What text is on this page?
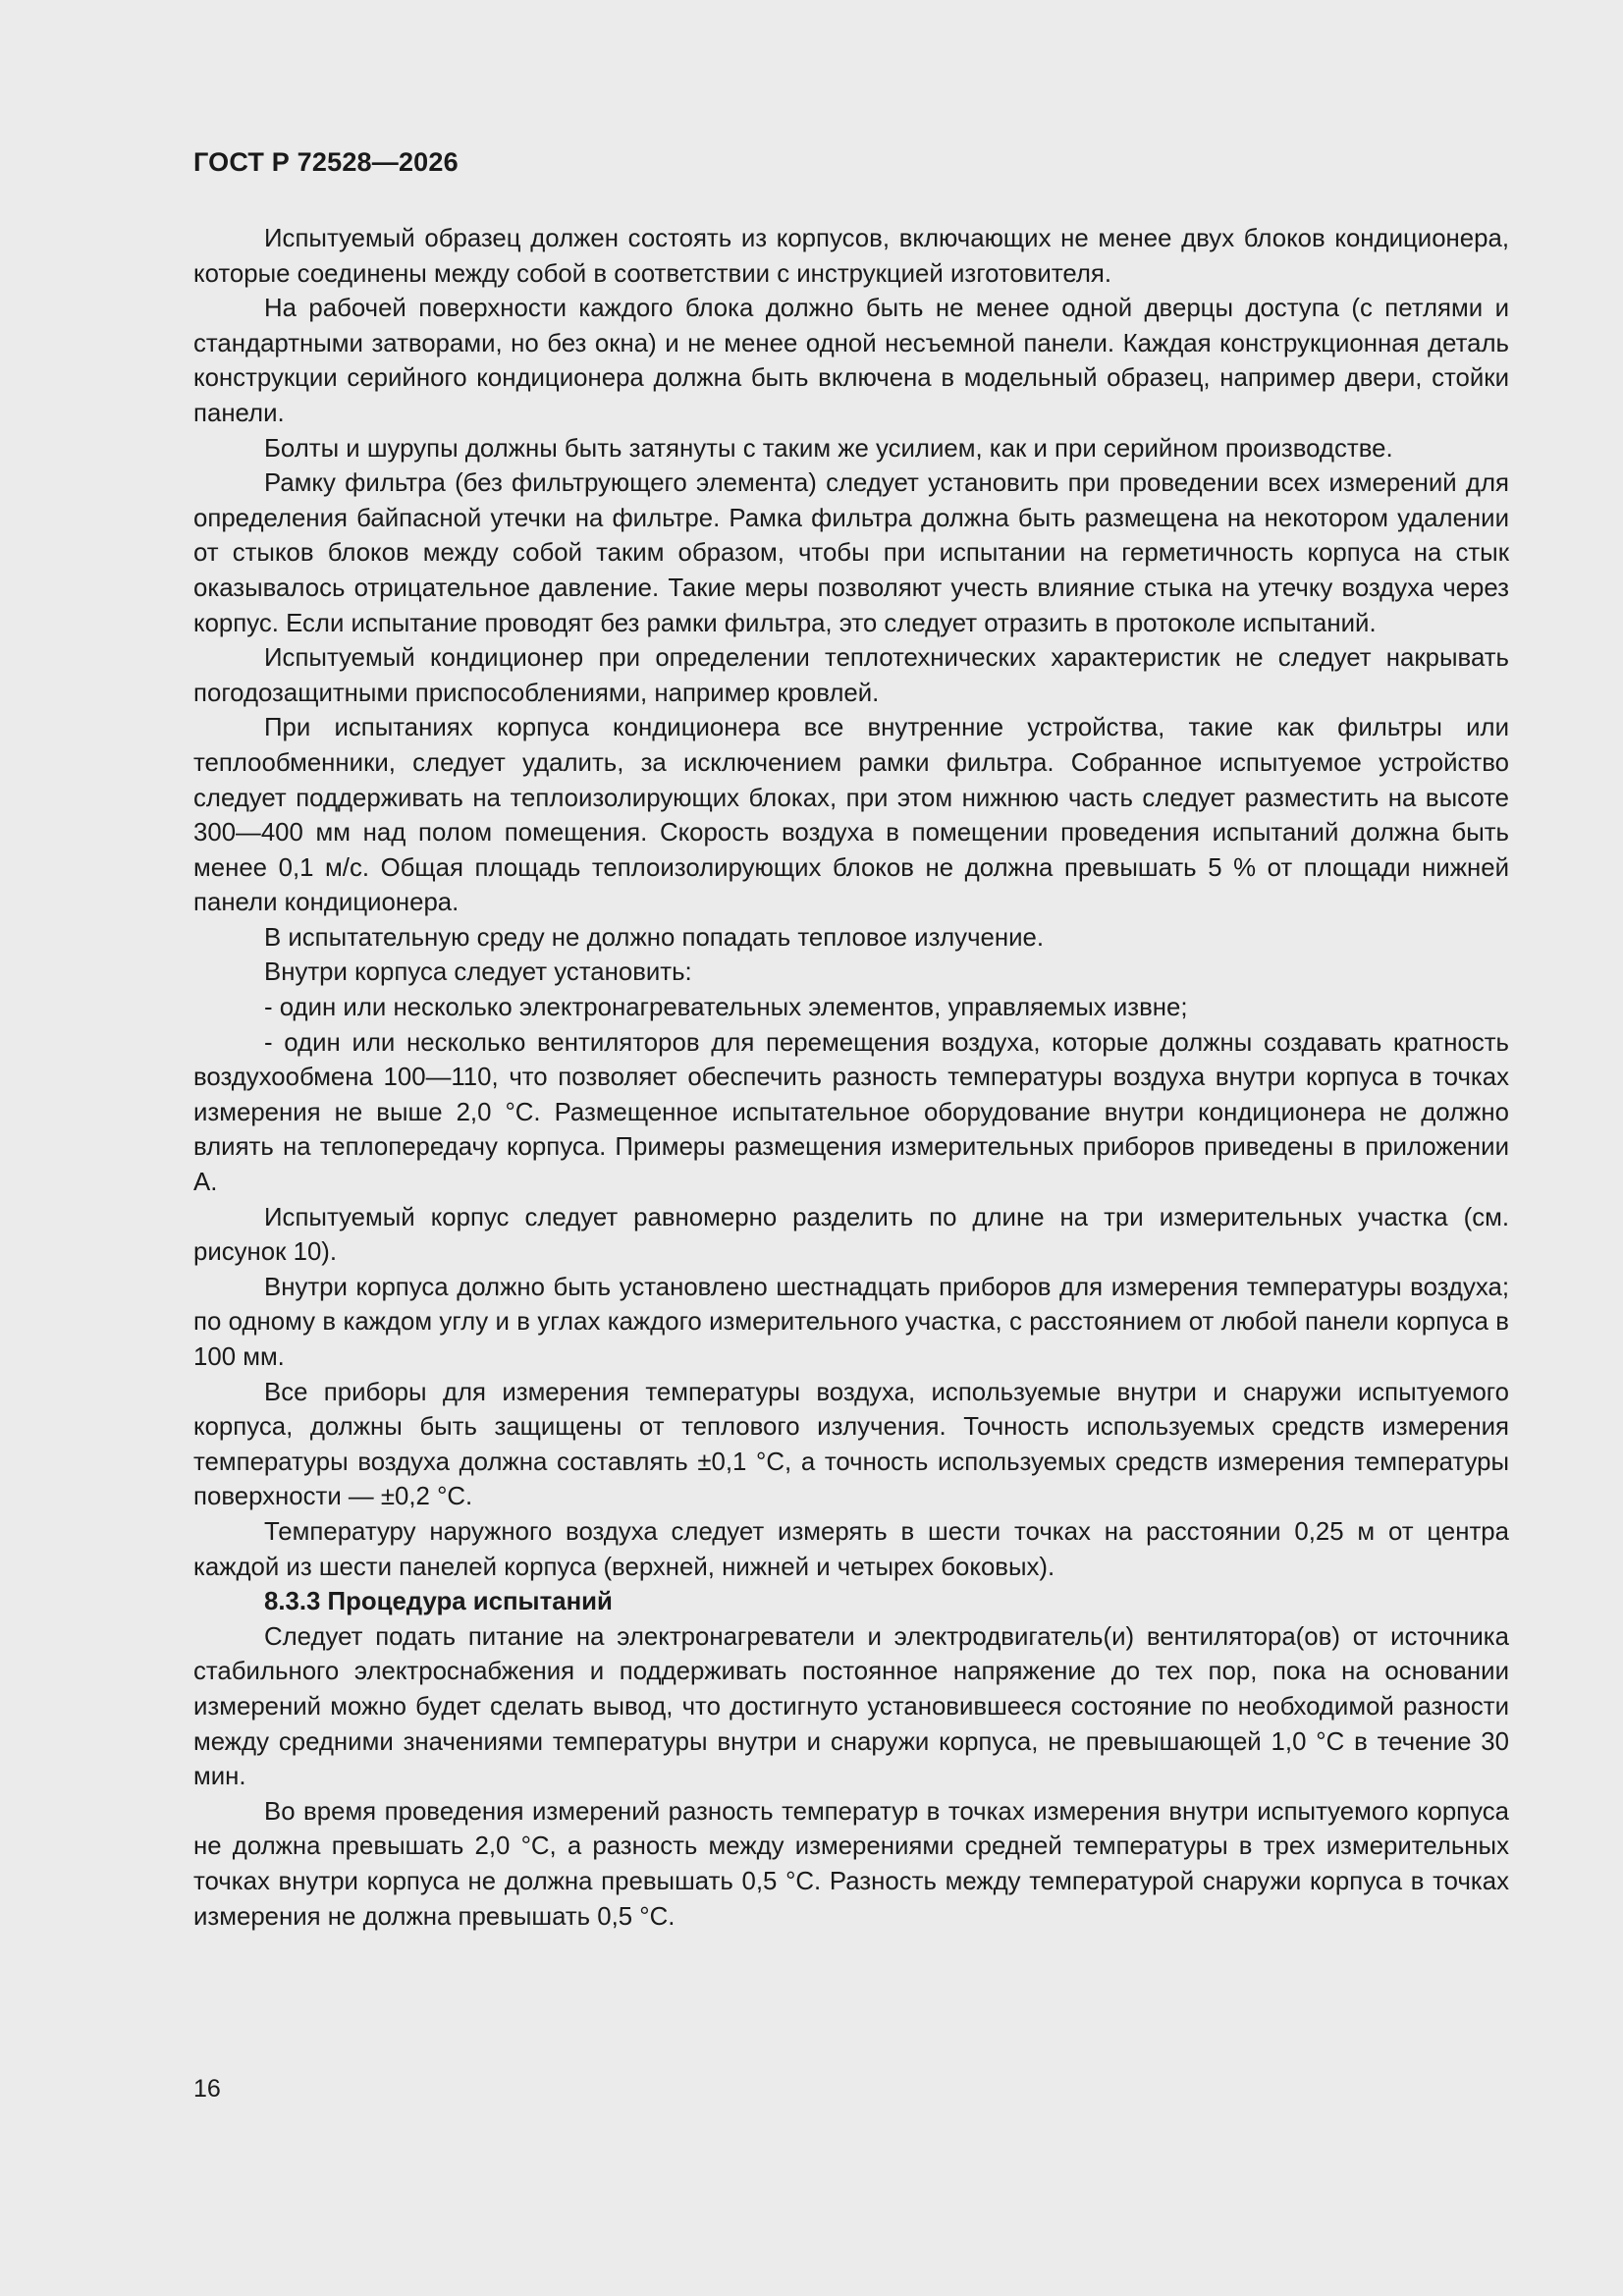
ГОСТ Р 72528—2026

Испытуемый образец должен состоять из корпусов, включающих не менее двух блоков кондиционера, которые соединены между собой в соответствии с инструкцией изготовителя.

На рабочей поверхности каждого блока должно быть не менее одной дверцы доступа (с петлями и стандартными затворами, но без окна) и не менее одной несъемной панели. Каждая конструкционная деталь конструкции серийного кондиционера должна быть включена в модельный образец, например двери, стойки панели.

Болты и шурупы должны быть затянуты с таким же усилием, как и при серийном производстве.

Рамку фильтра (без фильтрующего элемента) следует установить при проведении всех измерений для определения байпасной утечки на фильтре. Рамка фильтра должна быть размещена на некотором удалении от стыков блоков между собой таким образом, чтобы при испытании на герметичность корпуса на стык оказывалось отрицательное давление. Такие меры позволяют учесть влияние стыка на утечку воздуха через корпус. Если испытание проводят без рамки фильтра, это следует отразить в протоколе испытаний.

Испытуемый кондиционер при определении теплотехнических характеристик не следует накрывать погодозащитными приспособлениями, например кровлей.

При испытаниях корпуса кондиционера все внутренние устройства, такие как фильтры или теплообменники, следует удалить, за исключением рамки фильтра. Собранное испытуемое устройство следует поддерживать на теплоизолирующих блоках, при этом нижнюю часть следует разместить на высоте 300—400 мм над полом помещения. Скорость воздуха в помещении проведения испытаний должна быть менее 0,1 м/с. Общая площадь теплоизолирующих блоков не должна превышать 5 % от площади нижней панели кондиционера.

В испытательную среду не должно попадать тепловое излучение.

Внутри корпуса следует установить:

- один или несколько электронагревательных элементов, управляемых извне;

- один или несколько вентиляторов для перемещения воздуха, которые должны создавать кратность воздухообмена 100—110, что позволяет обеспечить разность температуры воздуха внутри корпуса в точках измерения не выше 2,0 °С. Размещенное испытательное оборудование внутри кондиционера не должно влиять на теплопередачу корпуса. Примеры размещения измерительных приборов приведены в приложении А.

Испытуемый корпус следует равномерно разделить по длине на три измерительных участка (см. рисунок 10).

Внутри корпуса должно быть установлено шестнадцать приборов для измерения температуры воздуха; по одному в каждом углу и в углах каждого измерительного участка, с расстоянием от любой панели корпуса в 100 мм.

Все приборы для измерения температуры воздуха, используемые внутри и снаружи испытуемого корпуса, должны быть защищены от теплового излучения. Точность используемых средств измерения температуры воздуха должна составлять ±0,1 °С, а точность используемых средств измерения температуры поверхности — ±0,2 °С.

Температуру наружного воздуха следует измерять в шести точках на расстоянии 0,25 м от центра каждой из шести панелей корпуса (верхней, нижней и четырех боковых).

8.3.3 Процедура испытаний

Следует подать питание на электронагреватели и электродвигатель(и) вентилятора(ов) от источника стабильного электроснабжения и поддерживать постоянное напряжение до тех пор, пока на основании измерений можно будет сделать вывод, что достигнуто установившееся состояние по необходимой разности между средними значениями температуры внутри и снаружи корпуса, не превышающей 1,0 °С в течение 30 мин.

Во время проведения измерений разность температур в точках измерения внутри испытуемого корпуса не должна превышать 2,0 °С, а разность между измерениями средней температуры в трех измерительных точках внутри корпуса не должна превышать 0,5 °С. Разность между температурой снаружи корпуса в точках измерения не должна превышать 0,5 °С.

16
